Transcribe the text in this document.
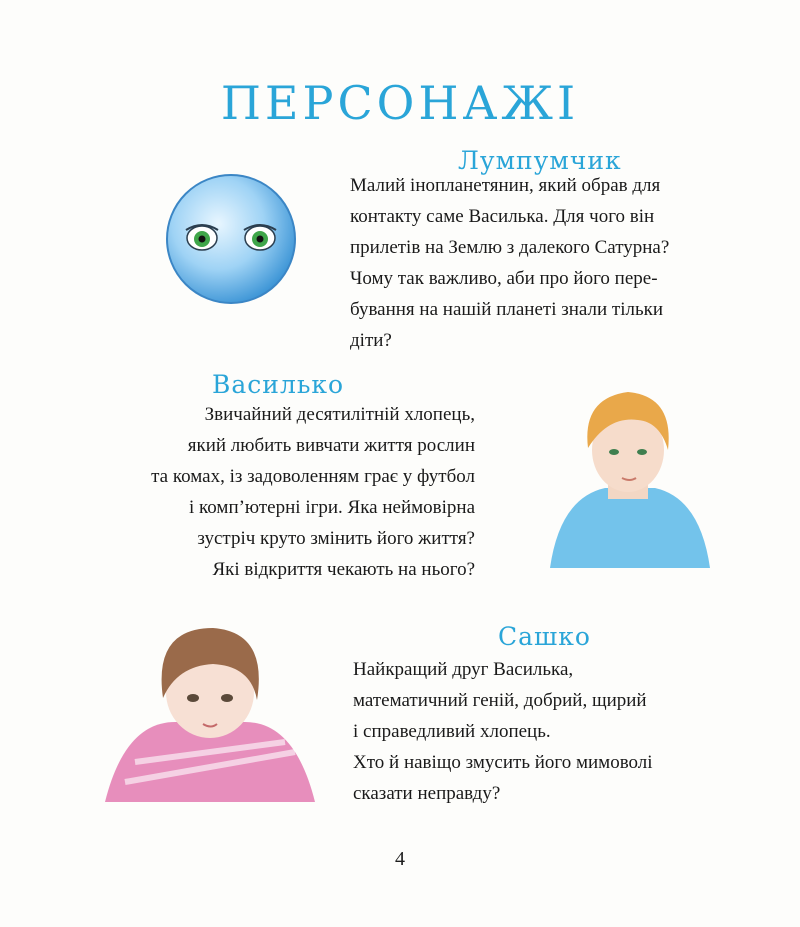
ПЕРСОНАЖІ
Лумпумчик

Малий інопланетянин, який обрав для

контакту саме Василька. Для чого він

прилетів на Землю з далекого Сатурна?

Чому так важливо, аби про його пере-

бування на нашій планеті знали тільки

діти?

Василько

Звичайний десятилітній хлопець,

який любить вивчати життя рослин

та комах, із задоволенням грає у футбол

і комп’ютерні ігри. Яка неймовірна

зустріч круто змінить його життя?

Які відкриття чекають на нього?

Сашко

Найкращий друг Василька,

математичний геній, добрий, щирий

і справедливий хлопець.

Хто й навіщо змусить його мимоволі

сказати неправду?

4
